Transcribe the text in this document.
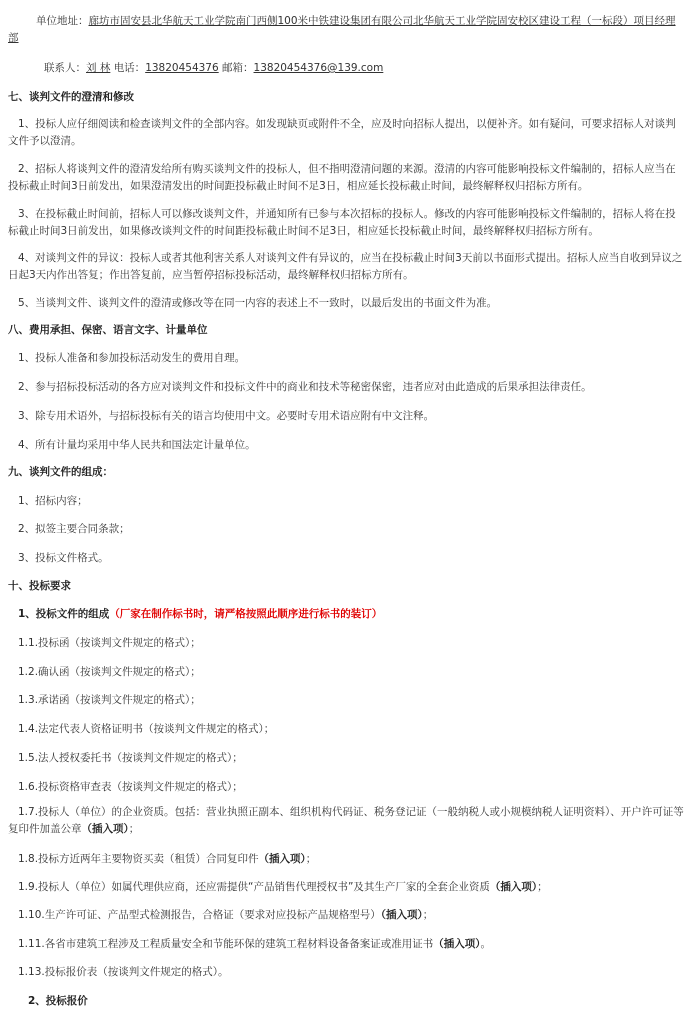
单位地址：廊坊市固安县北华航天工业学院南门西侧100米中铁建设集团有限公司北华航天工业学院固安校区建设工程（一标段）项目经理部
联系人：刘 林 电话：13820454376 邮箱：13820454376@139.com
七、谈判文件的澄清和修改
1、投标人应仔细阅读和检查谈判文件的全部内容。如发现缺页或附件不全，应及时向招标人提出，以便补齐。如有疑问，可要求招标人对谈判文件予以澄清。
2、招标人将谈判文件的澄清发给所有购买谈判文件的投标人，但不指明澄清问题的来源。澄清的内容可能影响投标文件编制的，招标人应当在投标截止时间3日前发出，如果澄清发出的时间距投标截止时间不足3日，相应延长投标截止时间，最终解释权归招标方所有。
3、在投标截止时间前，招标人可以修改谈判文件，并通知所有已参与本次招标的投标人。修改的内容可能影响投标文件编制的，招标人将在投标截止时间3日前发出，如果修改谈判文件的时间距投标截止时间不足3日，相应延长投标截止时间，最终解释权归招标方所有。
4、对谈判文件的异议：投标人或者其他利害关系人对谈判文件有异议的，应当在投标截止时间3天前以书面形式提出。招标人应当自收到异议之日起3天内作出答复；作出答复前，应当暂停招标投标活动，最终解释权归招标方所有。
5、当谈判文件、谈判文件的澄清或修改等在同一内容的表述上不一致时，以最后发出的书面文件为准。
八、费用承担、保密、语言文字、计量单位
1、投标人准备和参加投标活动发生的费用自理。
2、参与招标投标活动的各方应对谈判文件和投标文件中的商业和技术等秘密保密，违者应对由此造成的后果承担法律责任。
3、除专用术语外，与招标投标有关的语言均使用中文。必要时专用术语应附有中文注释。
4、所有计量均采用中华人民共和国法定计量单位。
九、谈判文件的组成：
1、招标内容；
2、拟签主要合同条款；
3、投标文件格式。
十、投标要求
1、投标文件的组成（厂家在制作标书时，请严格按照此顺序进行标书的装订）
1.1.投标函（按谈判文件规定的格式）；
1.2.确认函（按谈判文件规定的格式）；
1.3.承诺函（按谈判文件规定的格式）；
1.4.法定代表人资格证明书（按谈判文件规定的格式）；
1.5.法人授权委托书（按谈判文件规定的格式）；
1.6.投标资格审查表（按谈判文件规定的格式）；
1.7.投标人（单位）的企业资质。包括：营业执照正副本、组织机构代码证、税务登记证（一般纳税人或小规模纳税人证明资料）、开户许可证等复印件加盖公章（插入项）；
1.8.投标方近两年主要物资买卖（租赁）合同复印件（插入项）；
1.9.投标人（单位）如属代理供应商，还应需提供“产品销售代理授权书”及其生产厂家的全套企业资质（插入项）；
1.10.生产许可证、产品型式检测报告，合格证（要求对应投标产品规格型号）（插入项）；
1.11.各省市建筑工程涉及工程质量安全和节能环保的建筑工程材料设备备案证或准用证书（插入项）。
1.13.投标报价表（按谈判文件规定的格式）。
2、投标报价
